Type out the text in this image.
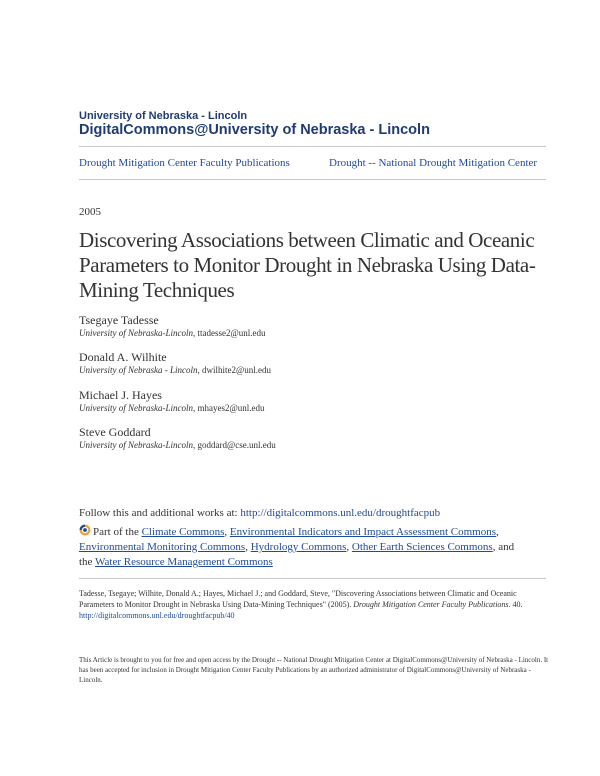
University of Nebraska - Lincoln
DigitalCommons@University of Nebraska - Lincoln
Drought Mitigation Center Faculty Publications	Drought -- National Drought Mitigation Center
2005
Discovering Associations between Climatic and Oceanic Parameters to Monitor Drought in Nebraska Using Data-Mining Techniques
Tsegaye Tadesse
University of Nebraska-Lincoln, ttadesse2@unl.edu
Donald A. Wilhite
University of Nebraska - Lincoln, dwilhite2@unl.edu
Michael J. Hayes
University of Nebraska-Lincoln, mhayes2@unl.edu
Steve Goddard
University of Nebraska-Lincoln, goddard@cse.unl.edu
Follow this and additional works at: http://digitalcommons.unl.edu/droughtfacpub
Part of the Climate Commons, Environmental Indicators and Impact Assessment Commons, Environmental Monitoring Commons, Hydrology Commons, Other Earth Sciences Commons, and
the Water Resource Management Commons
Tadesse, Tsegaye; Wilhite, Donald A.; Hayes, Michael J.; and Goddard, Steve, "Discovering Associations between Climatic and Oceanic Parameters to Monitor Drought in Nebraska Using Data-Mining Techniques" (2005). Drought Mitigation Center Faculty Publications. 40.
http://digitalcommons.unl.edu/droughtfacpub/40
This Article is brought to you for free and open access by the Drought -- National Drought Mitigation Center at DigitalCommons@University of Nebraska - Lincoln. It has been accepted for inclusion in Drought Mitigation Center Faculty Publications by an authorized administrator of DigitalCommons@University of Nebraska - Lincoln.
